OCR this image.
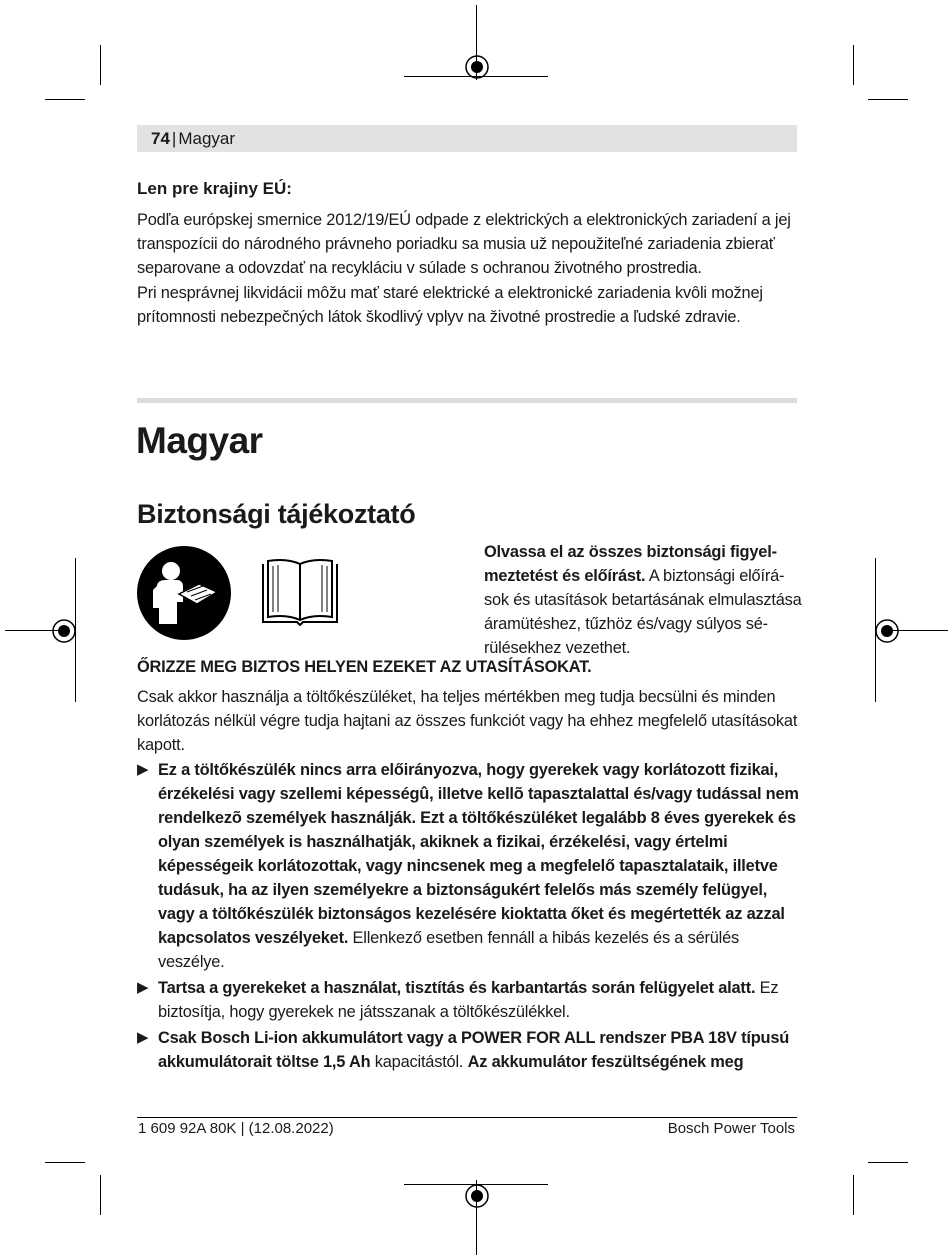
74 | Magyar
Len pre krajiny EÚ:

Podľa európskej smernice 2012/19/EÚ odpade z elektrických a elektronických zariadení a jej transpozícii do národného právneho poriadku sa musia už nepoužiteľné zariadenia zbierať separovane a odovzdať na recykláciu v súlade s ochranou životného prostredia.

Pri nesprávnej likvidácii môžu mať staré elektrické a elektronické zariadenia kvôli možnej prítomnosti nebezpečných látok škodlivý vplyv na životné prostredie a ľudské zdravie.

Magyar
Biztonsági tájékoztató

Olvassa el az összes biztonsági figyelmeztetést és előírást. A biztonsági előírások és utasítások betartásának elmulasztása áramütéshez, tűzhöz és/vagy súlyos sérülésekhez vezethet.

ŐRIZZE MEG BIZTOS HELYEN EZEKET AZ UTASÍTÁSOKAT.

Csak akkor használja a töltőkészüléket, ha teljes mértékben meg tudja becsülni és minden korlátozás nélkül végre tudja hajtani az összes funkciót vagy ha ehhez megfelelő utasításokat kapott.

▶ Ez a töltőkészülék nincs arra előirányozva, hogy gyerekek vagy korlátozott fizikai, érzékelési vagy szellemi képességû, illetve kellõ tapasztalattal és/vagy tudással nem rendelkezõ személyek használják. Ezt a töltőkészüléket legalább 8 éves gyerekek és olyan személyek is használhatják, akiknek a fizikai, érzékelési, vagy értelmi képességeik korlátozottak, vagy nincsenek meg a megfelelő tapasztalataik, illetve tudásuk, ha az ilyen személyekre a biztonságukért felelős más személy felügyel, vagy a töltőkészülék biztonságos kezelésére kioktatta őket és megértették az azzal kapcsolatos veszélyeket. Ellenkező esetben fennáll a hibás kezelés és a sérülés veszélye.

▶ Tartsa a gyerekeket a használat, tisztítás és karbantartás során felügyelet alatt. Ez biztosítja, hogy gyerekek ne játsszanak a töltőkészülékkel.

▶ Csak Bosch Li-ion akkumulátort vagy a POWER FOR ALL rendszer PBA 18V típusú akkumulátorait töltse 1,5 Ah kapacitástól. Az akkumulátor feszültségének meg

1 609 92A 80K | (12.08.2022)	Bosch Power Tools
